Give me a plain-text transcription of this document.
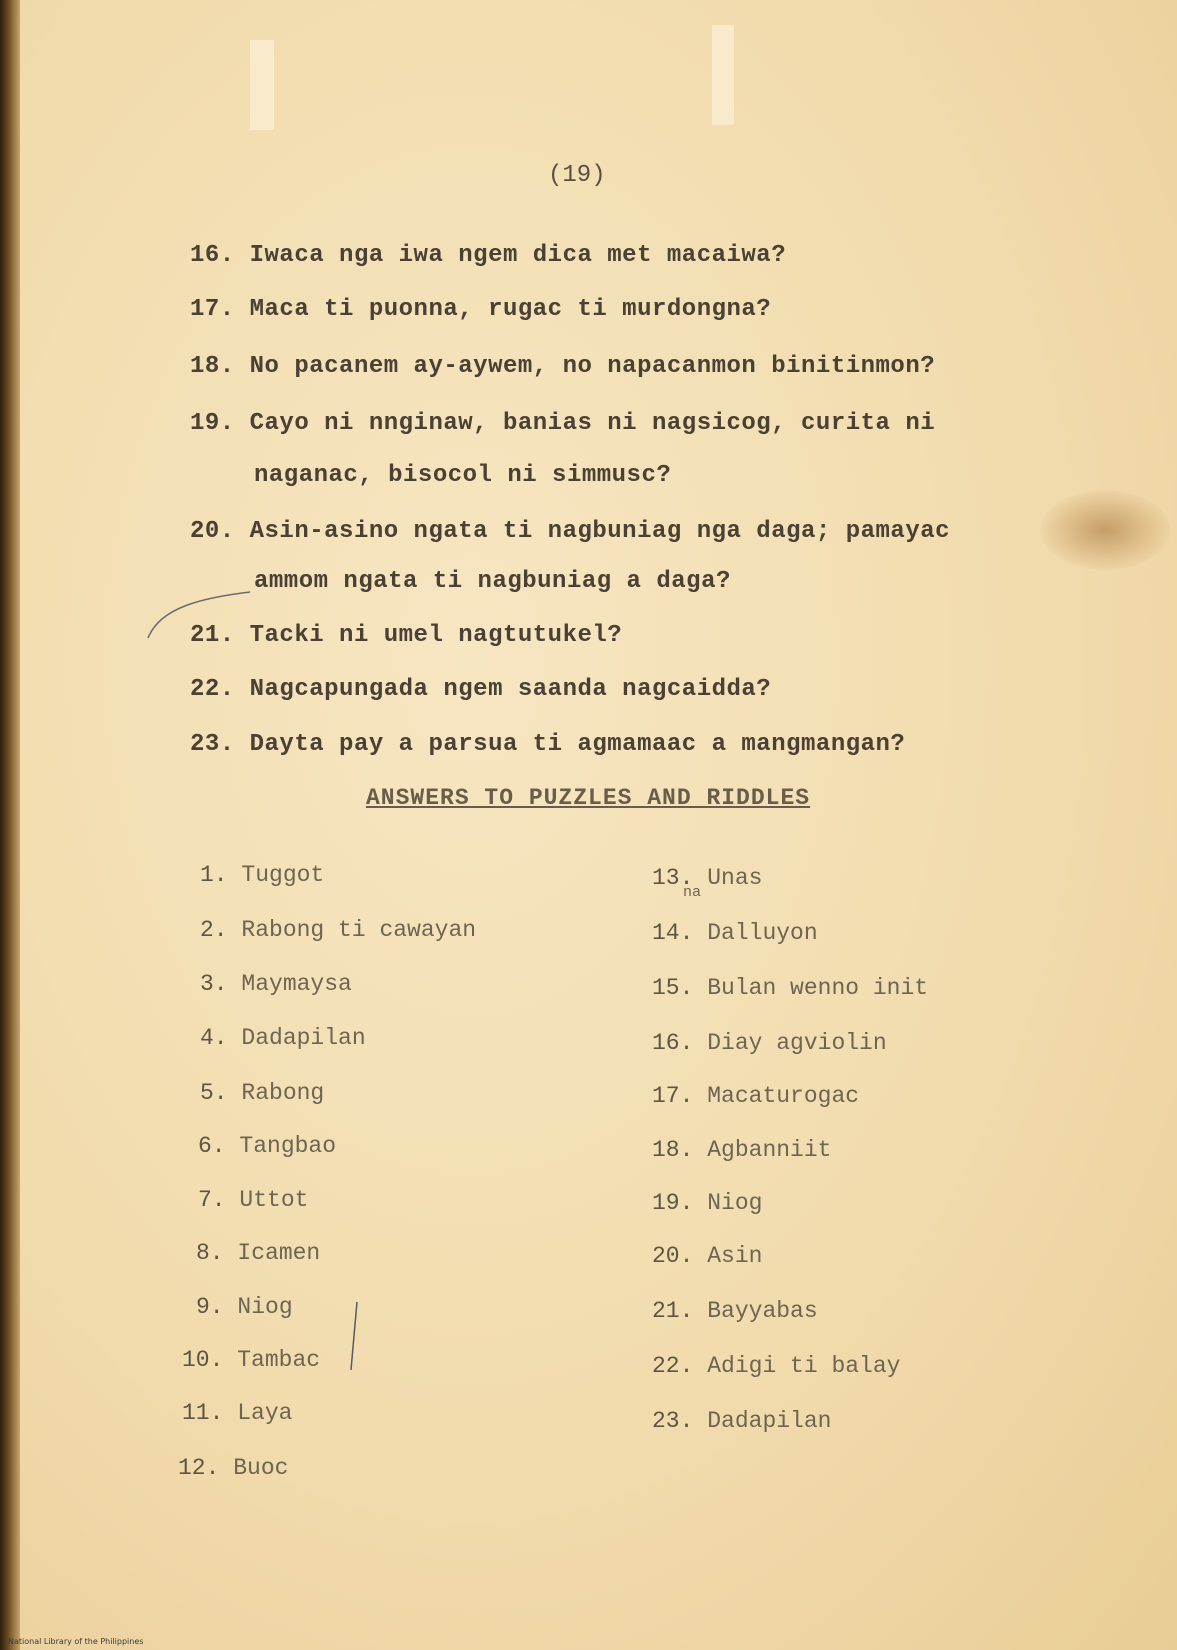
(19)
16. Iwaca nga iwa ngem dica met macaiwa?
17. Maca ti puonna, rugac ti murdongna?
18. No pacanem ay-aywem, no napacanmon binitinmon?
19. Cayo ni nnginaw, banias ni nagsicog, curita ni
naganac, bisocol ni simmusc?
20. Asin-asino ngata ti nagbuniag nga daga; pamayac
ammom ngata ti nagbuniag a daga?
21. Tacki ni umel nagtutukel?
22. Nagcapungada ngem saanda nagcaidda?
23. Dayta pay a parsua ti agmamaac a mangmangan?
ANSWERS TO PUZZLES AND RIDDLES
1. Tuggot
2. Rabong ti cawayan
3. Maymaysa
4. Dadapilan
5. Rabong
6. Tangbao
7. Uttot
8. Icamen
9. Niog
10. Tambac
11. Laya
12. Buoc
13. Unas
na
14. Dalluyon
15. Bulan wenno init
16. Diay agviolin
17. Macaturogac
18. Agbanniit
19. Niog
20. Asin
21. Bayyabas
22. Adigi ti balay
23. Dadapilan
National Library of the Philippines
